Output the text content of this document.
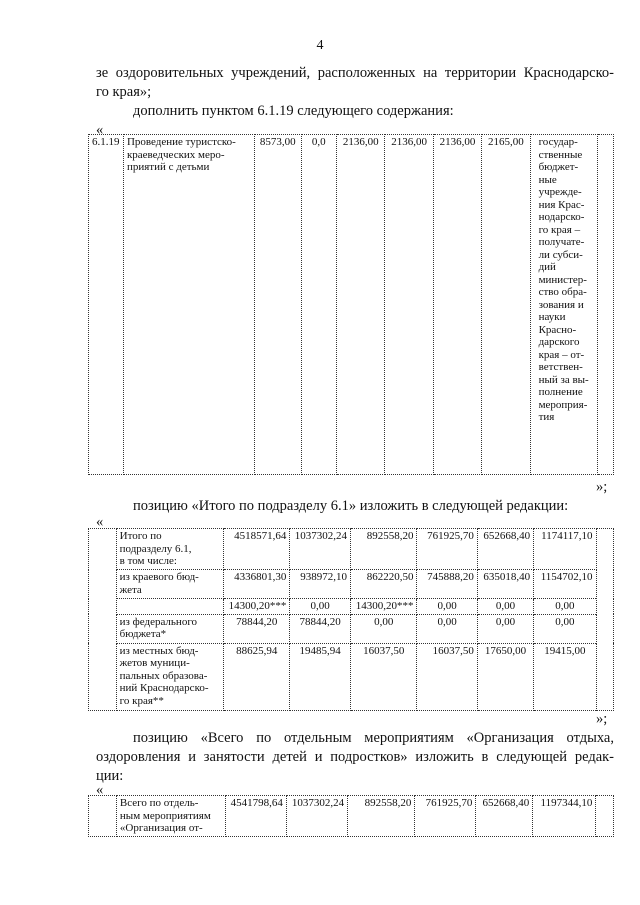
4
зе оздоровительных учреждений, расположенных на территории Краснодарско-
го края»;
дополнить пунктом 6.1.19 следующего содержания:
«
6.1.19	Проведение туристско-
краеведческих меро-
приятий с детьми
	8573,00	0,0	2136,00	2136,00	2136,00	2165,00	государ-
ственные
бюджет-
ные
учрежде-
ния Крас-
нодарско-
го края –
получате-
ли субси-
дий
министер-
ство обра-
зования и
науки
Красно-
дарского
края – от-
ветствен-
ный за вы-
полнение
мероприя-
тия

»;
позицию «Итого по подразделу 6.1» изложить в следующей редакции:
«

	Итого по
подразделу 6.1,
в том числе:	4518571,64	1037302,24	892558,20	761925,70	652668,40	1174117,10	

	из краевого бюд-
жета	4336801,30	938972,10	862220,50	745888,20	635018,40	1154702,10	
		14300,20***	0,00	14300,20***	0,00	0,00	0,00	

	из федерального
бюджета*	78844,20	78844,20	0,00	0,00	0,00	0,00	

	из местных бюд-
жетов муници-
пальных образова-
ний Краснодарско-
го края**	88625,94	19485,94	16037,50	16037,50	17650,00	19415,00	
»;
позицию «Всего по отдельным мероприятиям «Организация отдыха,
оздоровления и занятости детей и подростков» изложить в следующей редак-
ции:
«

Всего по отдель-
ным мероприятиям
«Организация от-
	4541798,64	1037302,24	892558,20	761925,70	652668,40	1197344,10	
